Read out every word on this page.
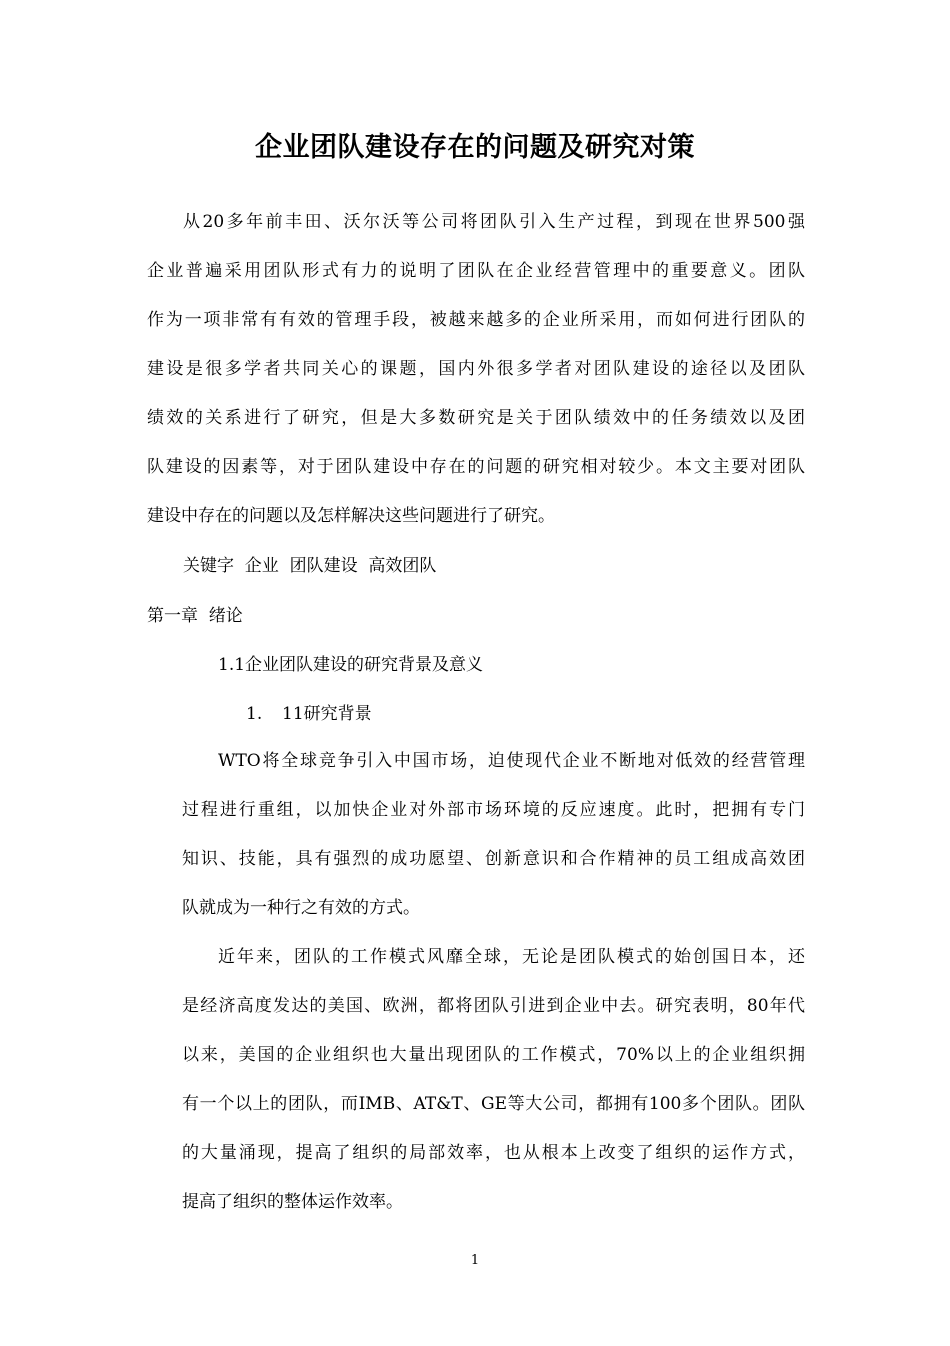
企业团队建设存在的问题及研究对策
从20多年前丰田、沃尔沃等公司将团队引入生产过程，到现在世界500强
企业普遍采用团队形式有力的说明了团队在企业经营管理中的重要意义。团队
作为一项非常有有效的管理手段，被越来越多的企业所采用，而如何进行团队的
建设是很多学者共同关心的课题，国内外很多学者对团队建设的途径以及团队
绩效的关系进行了研究，但是大多数研究是关于团队绩效中的任务绩效以及团
队建设的因素等，对于团队建设中存在的问题的研究相对较少。本文主要对团队
建设中存在的问题以及怎样解决这些问题进行了研究。
关键字  企业  团队建设  高效团队
第一章  绪论
1.1企业团队建设的研究背景及意义
1. 11研究背景
WTO将全球竞争引入中国市场，迫使现代企业不断地对低效的经营管理
过程进行重组，以加快企业对外部市场环境的反应速度。此时，把拥有专门
知识、技能，具有强烈的成功愿望、创新意识和合作精神的员工组成高效团
队就成为一种行之有效的方式。
近年来，团队的工作模式风靡全球，无论是团队模式的始创国日本，还
是经济高度发达的美国、欧洲，都将团队引进到企业中去。研究表明，80年代
以来，美国的企业组织也大量出现团队的工作模式，70%以上的企业组织拥
有一个以上的团队，而IMB、AT&T、GE等大公司，都拥有100多个团队。团队
的大量涌现，提高了组织的局部效率，也从根本上改变了组织的运作方式，
提高了组织的整体运作效率。
1
